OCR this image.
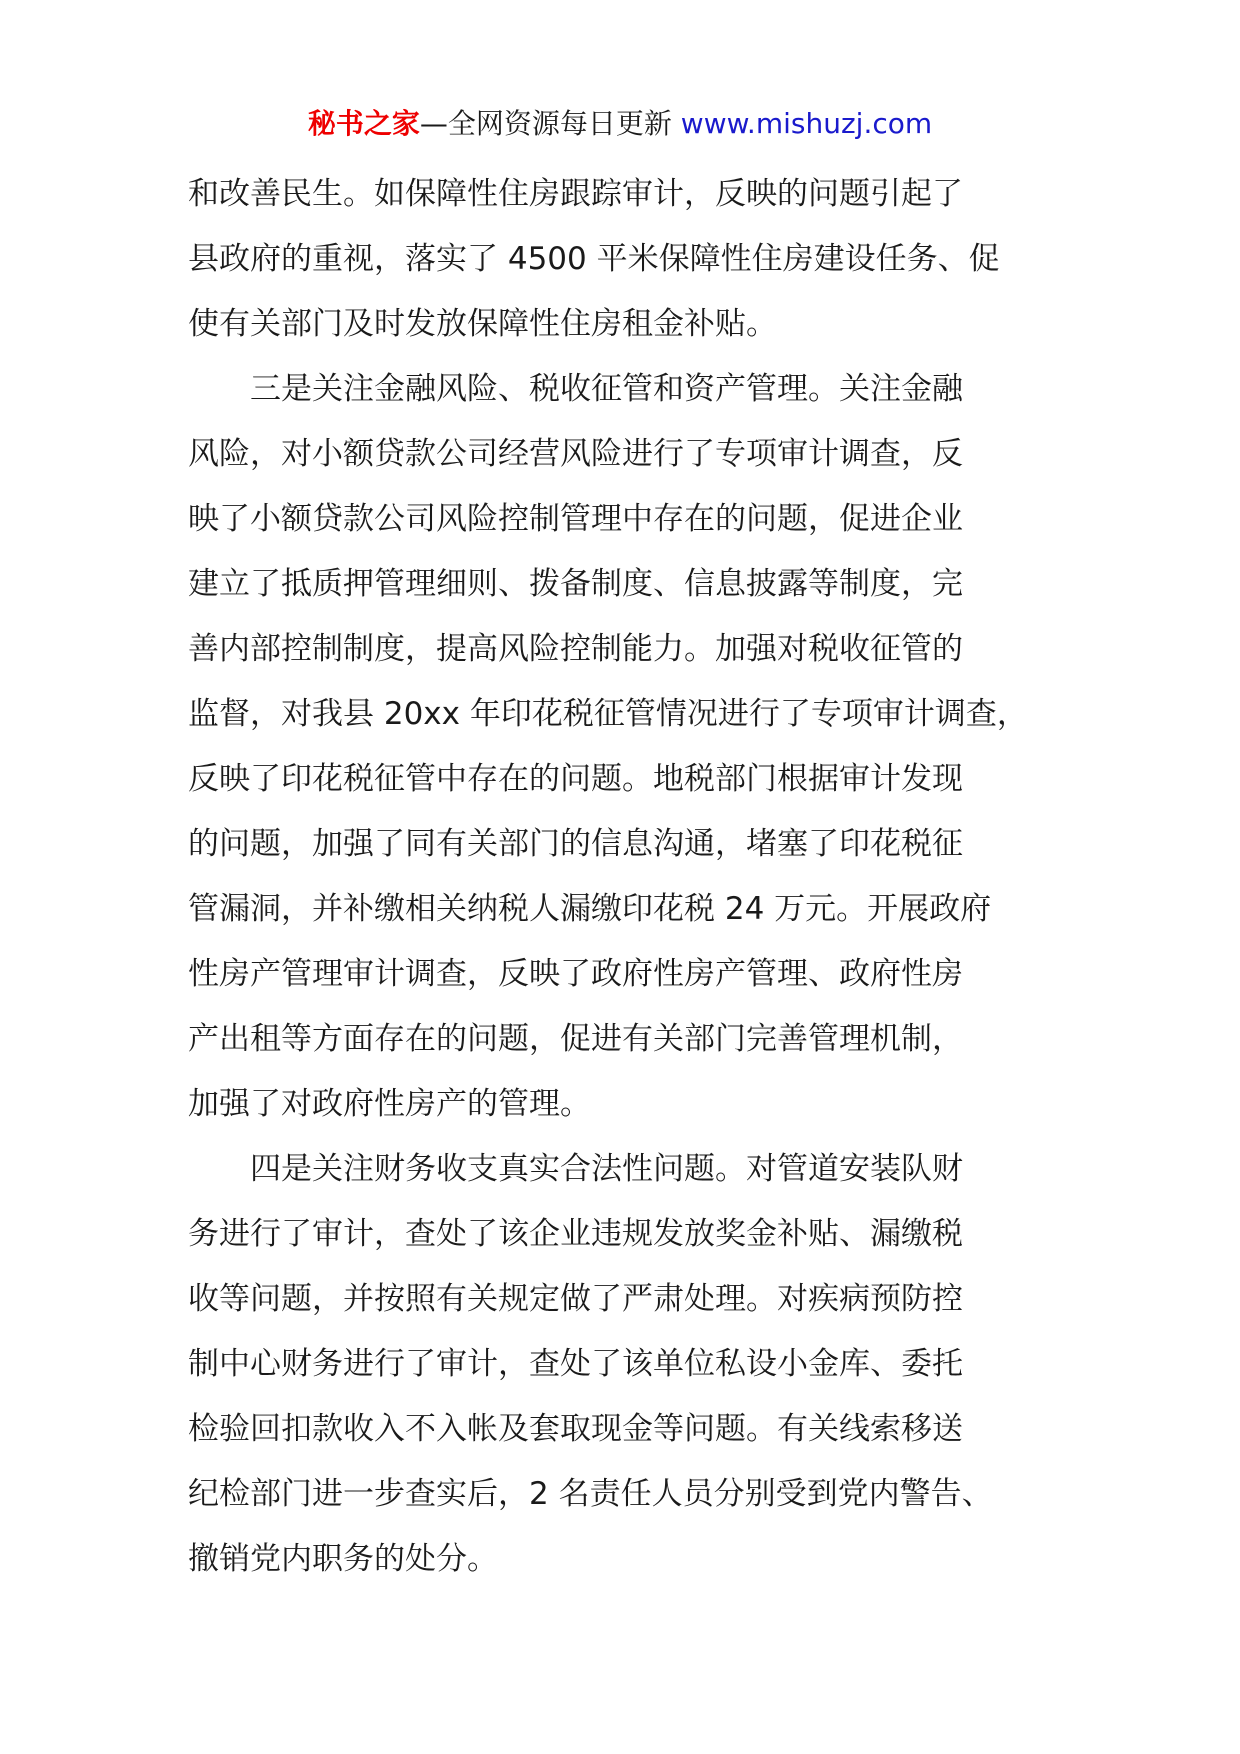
秘书之家—全网资源每日更新 www.mishuzj.com
和改善民生。如保障性住房跟踪审计，反映的问题引起了
县政府的重视，落实了 4500 平米保障性住房建设任务、促
使有关部门及时发放保障性住房租金补贴。
三是关注金融风险、税收征管和资产管理。关注金融
风险，对小额贷款公司经营风险进行了专项审计调查，反
映了小额贷款公司风险控制管理中存在的问题，促进企业
建立了抵质押管理细则、拨备制度、信息披露等制度，完
善内部控制制度，提高风险控制能力。加强对税收征管的
监督，对我县 20xx 年印花税征管情况进行了专项审计调查，
反映了印花税征管中存在的问题。地税部门根据审计发现
的问题，加强了同有关部门的信息沟通，堵塞了印花税征
管漏洞，并补缴相关纳税人漏缴印花税 24 万元。开展政府
性房产管理审计调查，反映了政府性房产管理、政府性房
产出租等方面存在的问题，促进有关部门完善管理机制，
加强了对政府性房产的管理。
四是关注财务收支真实合法性问题。对管道安装队财
务进行了审计，查处了该企业违规发放奖金补贴、漏缴税
收等问题，并按照有关规定做了严肃处理。对疾病预防控
制中心财务进行了审计，查处了该单位私设小金库、委托
检验回扣款收入不入帐及套取现金等问题。有关线索移送
纪检部门进一步查实后，2 名责任人员分别受到党内警告、
撤销党内职务的处分。
